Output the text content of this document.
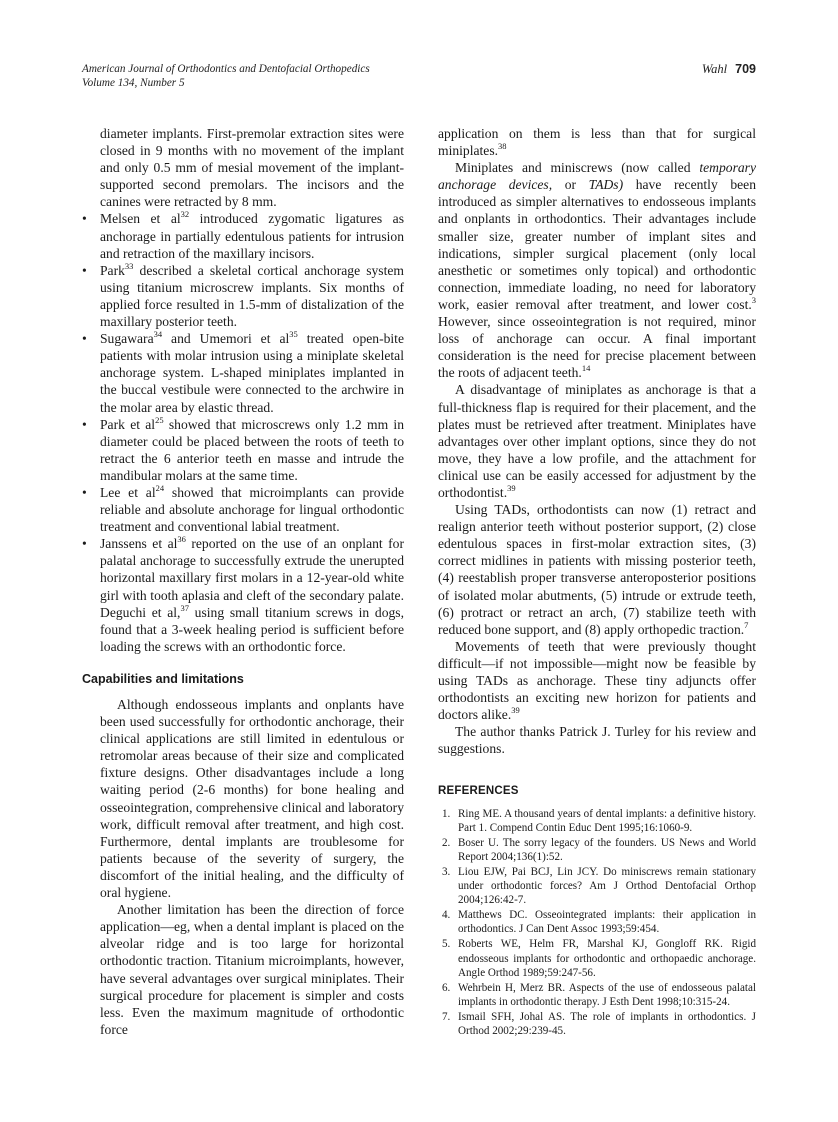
American Journal of Orthodontics and Dentofacial Orthopedics
Volume 134, Number 5
Wahl 709

diameter implants. First-premolar extraction sites were closed in 9 months with no movement of the implant and only 0.5 mm of mesial movement of the implant-supported second premolars. The incisors and the canines were retracted by 8 mm.

• Melsen et $al^{32}$ introduced zygomatic ligatures as anchorage in partially edentulous patients for intrusion and retraction of the maxillary incisors.
• Park$^{33}$ described a skeletal cortical anchorage system using titanium microscrew implants. Six months of applied force resulted in 1.5-mm of distalization of the maxillary posterior teeth.
• Sugawara$^{34}$ and Umemori et $al^{35}$ treated open-bite patients with molar intrusion using a miniplate skeletal anchorage system. L-shaped miniplates implanted in the buccal vestibule were connected to the archwire in the molar area by elastic thread.
• Park et $al^{25}$ showed that microscrews only 1.2 mm in diameter could be placed between the roots of teeth to retract the 6 anterior teeth en masse and intrude the mandibular molars at the same time.
• Lee et $al^{24}$ showed that microimplants can provide reliable and absolute anchorage for lingual orthodontic treatment and conventional labial treatment.
• Janssens et $al^{36}$ reported on the use of an onplant for palatal anchorage to successfully extrude the unerupted horizontal maxillary first molars in a 12-year-old white girl with tooth aplasia and cleft of the secondary palate. Deguchi et al,$^{37}$ using small titanium screws in dogs, found that a 3-week healing period is sufficient before loading the screws with an orthodontic force.
Capabilities and limitations

Although endosseous implants and onplants have been used successfully for orthodontic anchorage, their clinical applications are still limited in edentulous or retromolar areas because of their size and complicated fixture designs. Other disadvantages include a long waiting period (2-6 months) for bone healing and osseointegration, comprehensive clinical and laboratory work, difficult removal after treatment, and high cost. Furthermore, dental implants are troublesome for patients because of the severity of surgery, the discomfort of the initial healing, and the difficulty of oral hygiene.

Another limitation has been the direction of force application—eg, when a dental implant is placed on the alveolar ridge and is too large for horizontal orthodontic traction. Titanium microimplants, however, have several advantages over surgical miniplates. Their surgical procedure for placement is simpler and costs less. Even the maximum magnitude of orthodontic force

application on them is less than that for surgical miniplates.$^{38}$

Miniplates and miniscrews (now called temporary anchorage devices, or TADs) have recently been introduced as simpler alternatives to endosseous implants and onplants in orthodontics. Their advantages include smaller size, greater number of implant sites and indications, simpler surgical placement (only local anesthetic or sometimes only topical) and orthodontic connection, immediate loading, no need for laboratory work, easier removal after treatment, and lower cost.$^3$ However, since osseointegration is not required, minor loss of anchorage can occur. A final important consideration is the need for precise placement between the roots of adjacent teeth.$^{14}$

A disadvantage of miniplates as anchorage is that a full-thickness flap is required for their placement, and the plates must be retrieved after treatment. Miniplates have advantages over other implant options, since they do not move, they have a low profile, and the attachment for clinical use can be easily accessed for adjustment by the orthodontist.$^{39}$

Using TADs, orthodontists can now (1) retract and realign anterior teeth without posterior support, (2) close edentulous spaces in first-molar extraction sites, (3) correct midlines in patients with missing posterior teeth, (4) reestablish proper transverse anteroposterior positions of isolated molar abutments, (5) intrude or extrude teeth, (6) protract or retract an arch, (7) stabilize teeth with reduced bone support, and (8) apply orthopedic traction.$^7$

Movements of teeth that were previously thought difficult—if not impossible—might now be feasible by using TADs as anchorage. These tiny adjuncts offer orthodontists an exciting new horizon for patients and doctors alike.$^{39}$

The author thanks Patrick J. Turley for his review and suggestions.

REFERENCES
1. Ring ME. A thousand years of dental implants: a definitive history. Part 1. Compend Contin Educ Dent 1995;16:1060-9.
2. Boser U. The sorry legacy of the founders. US News and World Report 2004;136(1):52.
3. Liou EJW, Pai BCJ, Lin JCY. Do miniscrews remain stationary under orthodontic forces? Am J Orthod Dentofacial Orthop 2004;126:42-7.
4. Matthews DC. Osseointegrated implants: their application in orthodontics. J Can Dent Assoc 1993;59:454.
5. Roberts WE, Helm FR, Marshal KJ, Gongloff RK. Rigid endosseous implants for orthodontic and orthopaedic anchorage. Angle Orthod 1989;59:247-56.
6. Wehrbein H, Merz BR. Aspects of the use of endosseous palatal implants in orthodontic therapy. J Esth Dent 1998;10:315-24.
7. Ismail SFH, Johal AS. The role of implants in orthodontics. J Orthod 2002;29:239-45.
